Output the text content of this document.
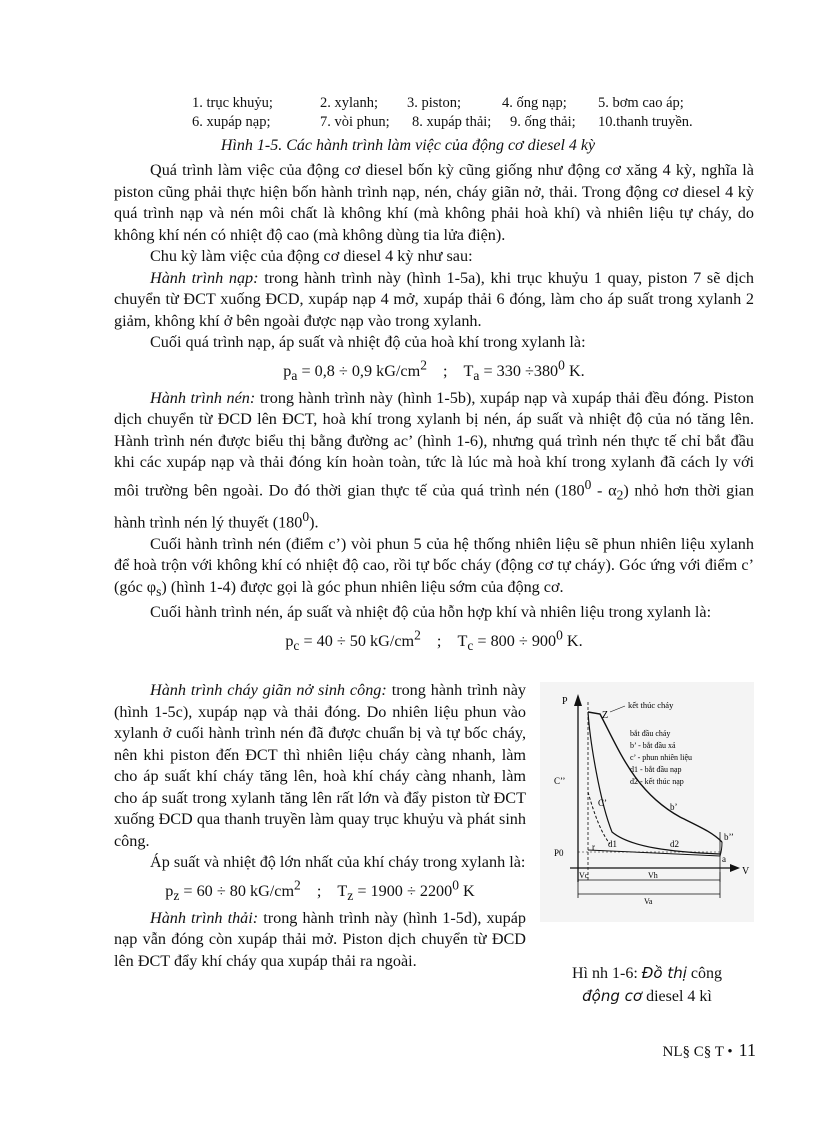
1. trục khuỷu;	2. xylanh;	3. piston;	4. ống nạp;	5. bơm cao áp;
6. xupáp nạp;	7. vòi phun;	8. xupáp thải;	9. ống thải;	10.thanh truyền.
Hình 1-5. Các hành trình làm việc của động cơ diesel 4 kỳ

Quá trình làm việc của động cơ diesel bốn kỳ cũng giống như động cơ xăng 4 kỳ, nghĩa là piston cũng phải thực hiện bốn hành trình nạp, nén, cháy giãn nở, thải. Trong động cơ diesel 4 kỳ quá trình nạp và nén môi chất là không khí (mà không phải hoà khí) và nhiên liệu tự cháy, do không khí nén có nhiệt độ cao (mà không dùng tia lửa điện).

Chu kỳ làm việc của động cơ diesel 4 kỳ như sau:

Hành trình nạp: trong hành trình này (hình 1-5a), khi trục khuỷu 1 quay, piston 7 sẽ dịch chuyển từ ĐCT xuống ĐCD, xupáp nạp 4 mở, xupáp thải 6 đóng, làm cho áp suất trong xylanh 2 giảm, không khí ở bên ngoài được nạp vào trong xylanh.

Cuối quá trình nạp, áp suất và nhiệt độ của hoà khí trong xylanh là:

$p_a = 0,8 \div 0,9$ $kG/cm^2$ ; $T_a = 330 \div 380^0$ K.

Hành trình nén: trong hành trình này (hình 1-5b), xupáp nạp và xupáp thải đều đóng. Piston dịch chuyển từ ĐCD lên ĐCT, hoà khí trong xylanh bị nén, áp suất và nhiệt độ của nó tăng lên. Hành trình nén được biểu thị bằng đường ac’ (hình 1-6), nhưng quá trình nén thực tế chỉ bắt đầu khi các xupáp nạp và thải đóng kín hoàn toàn, tức là lúc mà hoà khí trong xylanh đã cách ly với môi trường bên ngoài. Do đó thời gian thực tế của quá trình nén $(180^0 - \alpha_2)$ nhỏ hơn thời gian hành trình nén lý thuyết $(180^0)$.

Cuối hành trình nén (điểm c’) vòi phun 5 của hệ thống nhiên liệu sẽ phun nhiên liệu xylanh để hoà trộn với không khí có nhiệt độ cao, rồi tự bốc cháy (động cơ tự cháy). Góc ứng với điểm c’ (góc $\varphi_s$) (hình 1-4) được gọi là góc phun nhiên liệu sớm của động cơ.

Cuối hành trình nén, áp suất và nhiệt độ của hỗn hợp khí và nhiên liệu trong xylanh là:

$p_c = 40 \div 50$ $kG/cm^2$ ; $T_c = 800 \div 900^0$ K.

Hành trình cháy giãn nở sinh công: trong hành trình này (hình 1-5c), xupáp nạp và thải đóng. Do nhiên liệu phun vào xylanh ở cuối hành trình nén đã được chuẩn bị và tự bốc cháy, nên khi piston đến ĐCT thì nhiên liệu cháy càng nhanh, làm cho áp suất khí cháy tăng lên, hoà khí cháy càng nhanh, làm cho áp suất trong xylanh tăng lên rất lớn và đẩy piston từ ĐCT xuống ĐCD qua thanh truyền làm quay trục khuỷu và phát sinh công.

Áp suất và nhiệt độ lớn nhất của khí cháy trong xylanh là:

$p_z = 60 \div 80$ $kG/cm^2$ ; $T_z = 1900 \div 2200^0$ K

Hành trình thải: trong hành trình này (hình 1-5d), xupáp nạp vẫn đóng còn xupáp thải mở. Piston dịch chuyển từ ĐCD lên ĐCT đẩy khí cháy qua xupáp thải ra ngoài.

P
V
Z
kết thúc cháy
bắt đầu cháy
b’ - bắt đầu xả
c’ - phun nhiên liệu
d1 - bắt đầu nạp
d2 - kết thúc nạp
C’’
C’	b’
b’’
P0
r d1	d2
a
Vc	Vh
Va
Hì nh 1-6: Đồ thị công
động cơ diesel 4 kì
NL§ C§ T • 11
